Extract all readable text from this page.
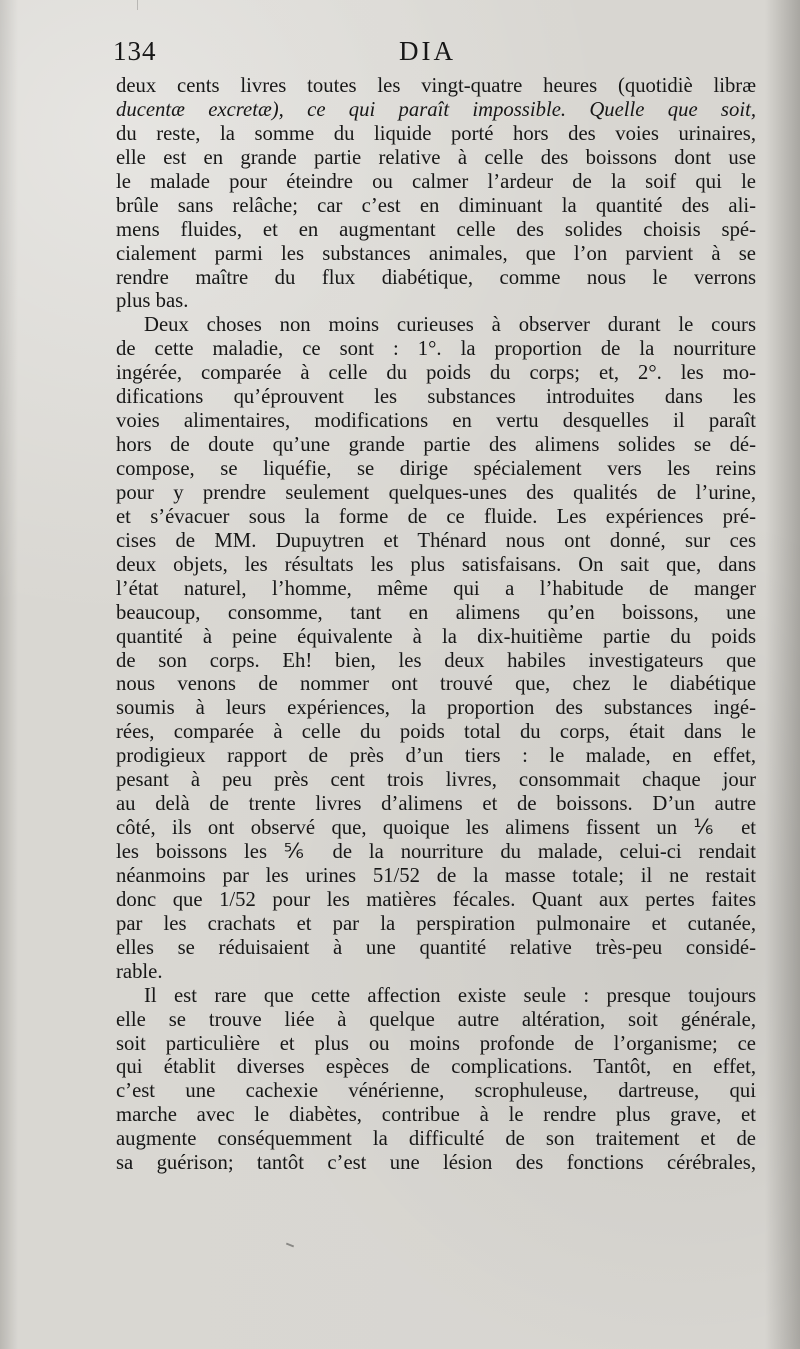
134	DIA
deux cents livres toutes les vingt-quatre heures (quotidiè libræ
ducentæ excretæ), ce qui paraît impossible. Quelle que soit,
du reste, la somme du liquide porté hors des voies urinaires,
elle est en grande partie relative à celle des boissons dont use
le malade pour éteindre ou calmer l’ardeur de la soif qui le
brûle sans relâche; car c’est en diminuant la quantité des ali-
mens fluides, et en augmentant celle des solides choisis spé-
cialement parmi les substances animales, que l’on parvient à se
rendre maître du flux diabétique, comme nous le verrons
plus bas.
Deux choses non moins curieuses à observer durant le cours
de cette maladie, ce sont : 1°. la proportion de la nourriture
ingérée, comparée à celle du poids du corps; et, 2°. les mo-
difications qu’éprouvent les substances introduites dans les
voies alimentaires, modifications en vertu desquelles il paraît
hors de doute qu’une grande partie des alimens solides se dé-
compose, se liquéfie, se dirige spécialement vers les reins
pour y prendre seulement quelques-unes des qualités de l’urine,
et s’évacuer sous la forme de ce fluide. Les expériences pré-
cises de MM. Dupuytren et Thénard nous ont donné, sur ces
deux objets, les résultats les plus satisfaisans. On sait que, dans
l’état naturel, l’homme, même qui a l’habitude de manger
beaucoup, consomme, tant en alimens qu’en boissons, une
quantité à peine équivalente à la dix-huitième partie du poids
de son corps. Eh! bien, les deux habiles investigateurs que
nous venons de nommer ont trouvé que, chez le diabétique
soumis à leurs expériences, la proportion des substances ingé-
rées, comparée à celle du poids total du corps, était dans le
prodigieux rapport de près d’un tiers : le malade, en effet,
pesant à peu près cent trois livres, consommait chaque jour
au delà de trente livres d’alimens et de boissons. D’un autre
côté, ils ont observé que, quoique les alimens fissent un ⅙ et
les boissons les ⅚ de la nourriture du malade, celui-ci rendait
néanmoins par les urines 51/52 de la masse totale; il ne restait
donc que 1/52 pour les matières fécales. Quant aux pertes faites
par les crachats et par la perspiration pulmonaire et cutanée,
elles se réduisaient à une quantité relative très-peu considé-
rable.
Il est rare que cette affection existe seule : presque toujours
elle se trouve liée à quelque autre altération, soit générale,
soit particulière et plus ou moins profonde de l’organisme; ce
qui établit diverses espèces de complications. Tantôt, en effet,
c’est une cachexie vénérienne, scrophuleuse, dartreuse, qui
marche avec le diabètes, contribue à le rendre plus grave, et
augmente conséquemment la difficulté de son traitement et de
sa guérison; tantôt c’est une lésion des fonctions cérébrales,
